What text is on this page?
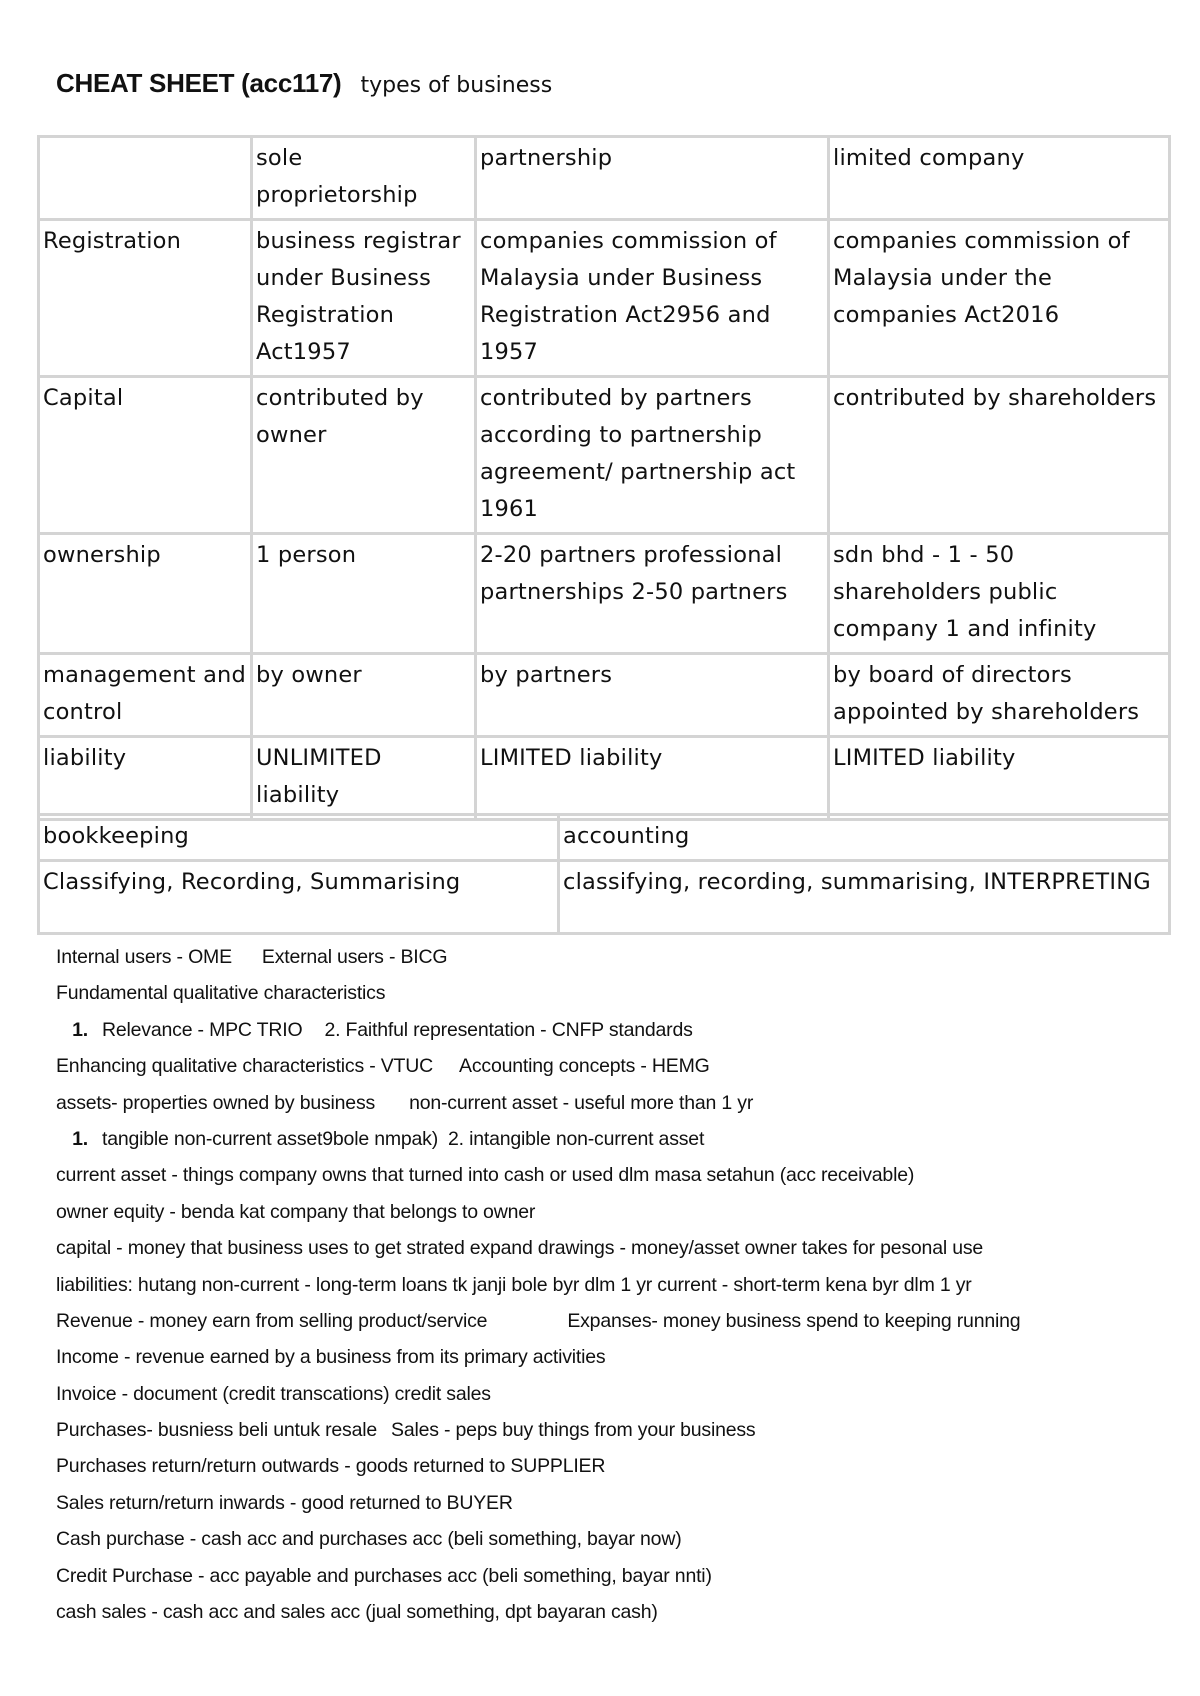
CHEAT SHEET (acc117) types of business
	sole proprietorship	partnership	limited company
Registration	business registrar under Business Registration Act1957	companies commission of Malaysia under Business Registration Act2956 and 1957	companies commission of Malaysia under the companies Act2016
Capital	contributed by owner	contributed by partners according to partnership agreement/ partnership act 1961	contributed by shareholders
ownership	1 person	2-20 partners professional partnerships 2-50 partners	sdn bhd - 1 - 50 shareholders public company 1 and infinity
management and control	by owner	by partners	by board of directors appointed by shareholders
liability	UNLIMITED liability	LIMITED liability	LIMITED liability
bookkeeping	accounting
Classifying, Recording, Summarising	classifying, recording, summarising, INTERPRETING
Internal users - OME External users - BICG
Fundamental qualitative characteristics
1. Relevance - MPC TRIO 2. Faithful representation - CNFP standards
Enhancing qualitative characteristics - VTUC Accounting concepts - HEMG
assets- properties owned by business non-current asset - useful more than 1 yr
1. tangible non-current asset9bole nmpak) 2. intangible non-current asset
current asset - things company owns that turned into cash or used dlm masa setahun (acc receivable)
owner equity - benda kat company that belongs to owner
capital - money that business uses to get strated expand drawings - money/asset owner takes for pesonal use
liabilities: hutang non-current - long-term loans tk janji bole byr dlm 1 yr current - short-term kena byr dlm 1 yr
Revenue - money earn from selling product/service	Expanses- money business spend to keeping running
Income - revenue earned by a business from its primary activities
Invoice - document (credit transcations) credit sales
Purchases- busniess beli untuk resale Sales - peps buy things from your business
Purchases return/return outwards - goods returned to SUPPLIER
Sales return/return inwards - good returned to BUYER
Cash purchase - cash acc and purchases acc (beli something, bayar now)
Credit Purchase - acc payable and purchases acc (beli something, bayar nnti)
cash sales - cash acc and sales acc (jual something, dpt bayaran cash)
